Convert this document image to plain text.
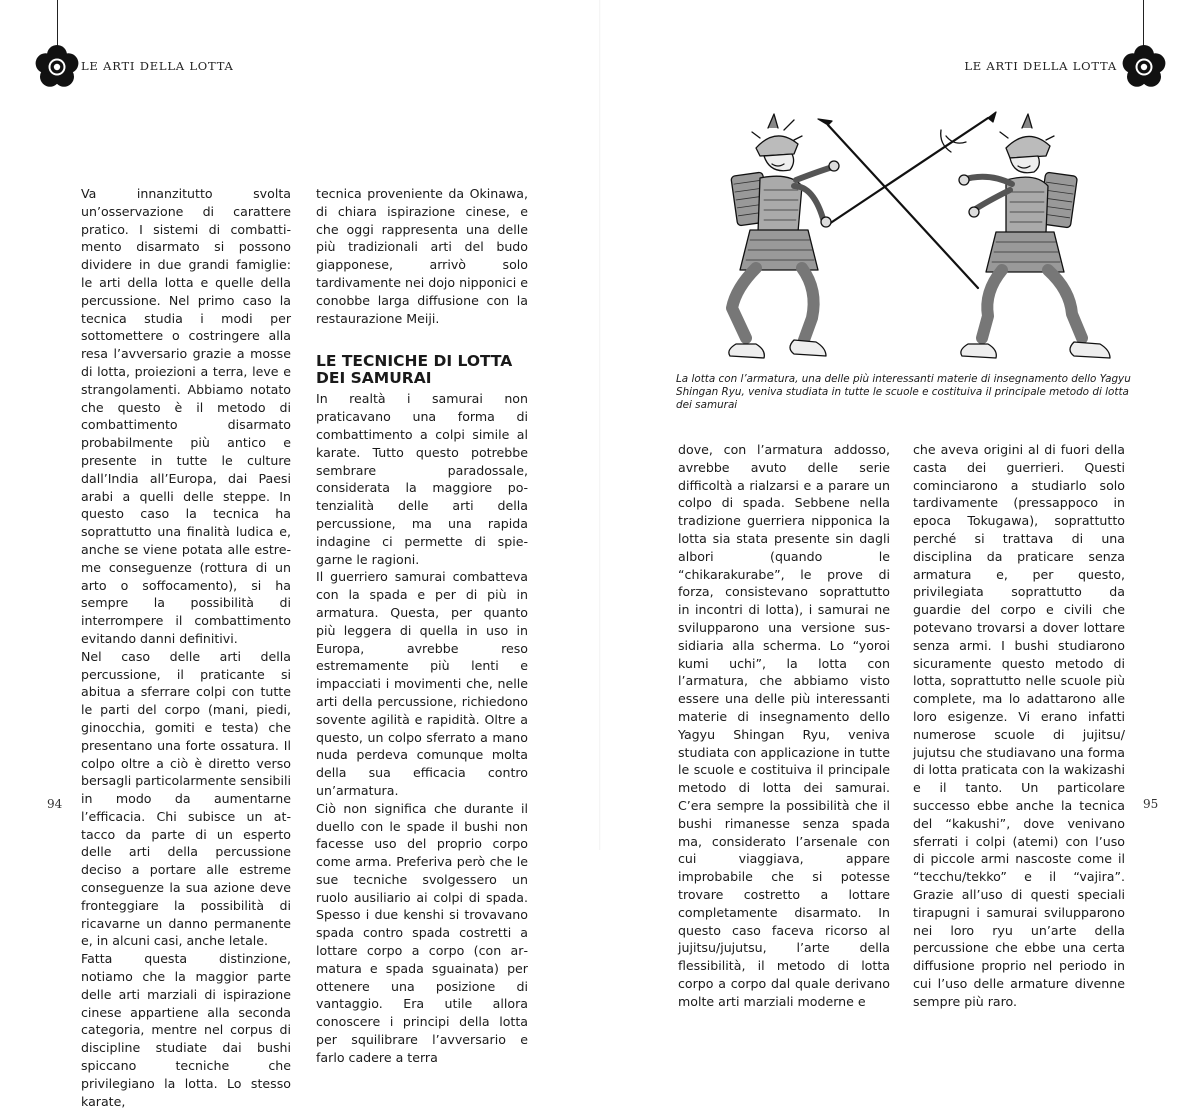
LE ARTI DELLA LOTTA

Va innanzitutto svolta un’osservazione di carattere pratico. I sistemi di combattimento disarmato si possono dividere in due grandi famiglie: le arti della lotta e quelle della percussione. Nel primo caso la tecnica studia i modi per sottomettere o costringere alla resa l’avversario grazie a mosse di lotta, proiezioni a terra, leve e strangolamenti. Abbiamo notato che questo è il metodo di combattimento disarmato probabilmente più antico e presente in tutte le culture dall’India all’Europa, dai Paesi arabi a quelli delle steppe. In questo caso la tecnica ha soprattutto una finalità ludica e, anche se viene potata alle estreme conseguenze (rottura di un arto o soffocamento), si ha sempre la possibilità di interrompere il combattimento evitando danni definitivi.

Nel caso delle arti della percussione, il praticante si abitua a sferrare colpi con tutte le parti del corpo (mani, piedi, ginocchia, gomiti e testa) che presentano una forte ossatura. Il colpo oltre a ciò è diretto verso bersagli particolarmente sensibili in modo da aumentarne l’efficacia. Chi subisce un attacco da parte di un esperto delle arti della percussione deciso a portare alle estreme conseguenze la sua azione deve fronteggiare la possibilità di ricavarne un danno permanente e, in alcuni casi, anche letale.

Fatta questa distinzione, notiamo che la maggior parte delle arti marziali di ispirazione cinese appartiene alla seconda categoria, mentre nel corpus di discipline studiate dai bushi spiccano tecniche che privilegiano la lotta. Lo stesso karate,

tecnica proveniente da Okinawa, di chiara ispirazione cinese, e che oggi rappresenta una delle più tradizionali arti del budo giapponese, arrivò solo tardivamente nei dojo nipponici e conobbe larga diffusione con la restaurazione Meiji.

LE TECNICHE DI LOTTA DEI SAMURAI

In realtà i samurai non praticavano una forma di combattimento a colpi simile al karate. Tutto questo potrebbe sembrare paradossale, considerata la maggiore potenzialità delle arti della percussione, ma una rapida indagine ci permette di spiegarne le ragioni.

Il guerriero samurai combatteva con la spada e per di più in armatura. Questa, per quanto più leggera di quella in uso in Europa, avrebbe reso estremamente più lenti e impacciati i movimenti che, nelle arti della percussione, richiedono sovente agilità e rapidità. Oltre a questo, un colpo sferrato a mano nuda perdeva comunque molta della sua efficacia contro un’armatura.

Ciò non significa che durante il duello con le spade il bushi non facesse uso del proprio corpo come arma. Preferiva però che le sue tecniche svolgessero un ruolo ausiliario ai colpi di spada. Spesso i due kenshi si trovavano spada contro spada costretti a lottare corpo a corpo (con armatura e spada sguainata) per ottenere una posizione di vantaggio. Era utile allora conoscere i principi della lotta per squilibrare l’avversario e farlo cadere a terra

94
LE ARTI DELLA LOTTA
95
La lotta con l’armatura, una delle più interessanti materie di insegnamento dello Yagyu Shingan Ryu, veniva studiata in tutte le scuole e costituiva il principale metodo di lotta dei samurai

dove, con l’armatura addosso, avrebbe avuto delle serie difficoltà a rialzarsi e a parare un colpo di spada. Sebbene nella tradizione guerriera nipponica la lotta sia stata presente sin dagli albori (quando le “chikarakurabe”, le prove di forza, consistevano soprattutto in incontri di lotta), i samurai ne svilupparono una versione sussidiaria alla scherma. Lo “yoroi kumi uchi”, la lotta con l’armatura, che abbiamo visto essere una delle più interessanti materie di insegnamento dello Yagyu Shingan Ryu, veniva studiata con applicazione in tutte le scuole e costituiva il principale metodo di lotta dei samurai. C’era sempre la possibilità che il bushi rimanesse senza spada ma, considerato l’arsenale con cui viaggiava, appare improbabile che si potesse trovare costretto a lottare completamente disarmato. In questo caso faceva ricorso al jujitsu/jujutsu, l’arte della flessibilità, il metodo di lotta corpo a corpo dal quale derivano molte arti marziali moderne e

che aveva origini al di fuori della casta dei guerrieri. Questi cominciarono a studiarlo solo tardivamente (pressappoco in epoca Tokugawa), soprattutto perché si trattava di una disciplina da praticare senza armatura e, per questo, privilegiata soprattutto da guardie del corpo e civili che potevano trovarsi a dover lottare senza armi. I bushi studiarono sicuramente questo metodo di lotta, soprattutto nelle scuole più complete, ma lo adattarono alle loro esigenze. Vi erano infatti numerose scuole di jujitsu/ jujutsu che studiavano una forma di lotta praticata con la wakizashi e il tanto. Un particolare successo ebbe anche la tecnica del “kakushi”, dove venivano sferrati i colpi (atemi) con l’uso di piccole armi nascoste come il “tecchu/tekko” e il “vajira”. Grazie all’uso di questi speciali tirapugni i samurai svilupparono nei loro ryu un’arte della percussione che ebbe una certa diffusione proprio nel periodo in cui l’uso delle armature divenne sempre più raro.
